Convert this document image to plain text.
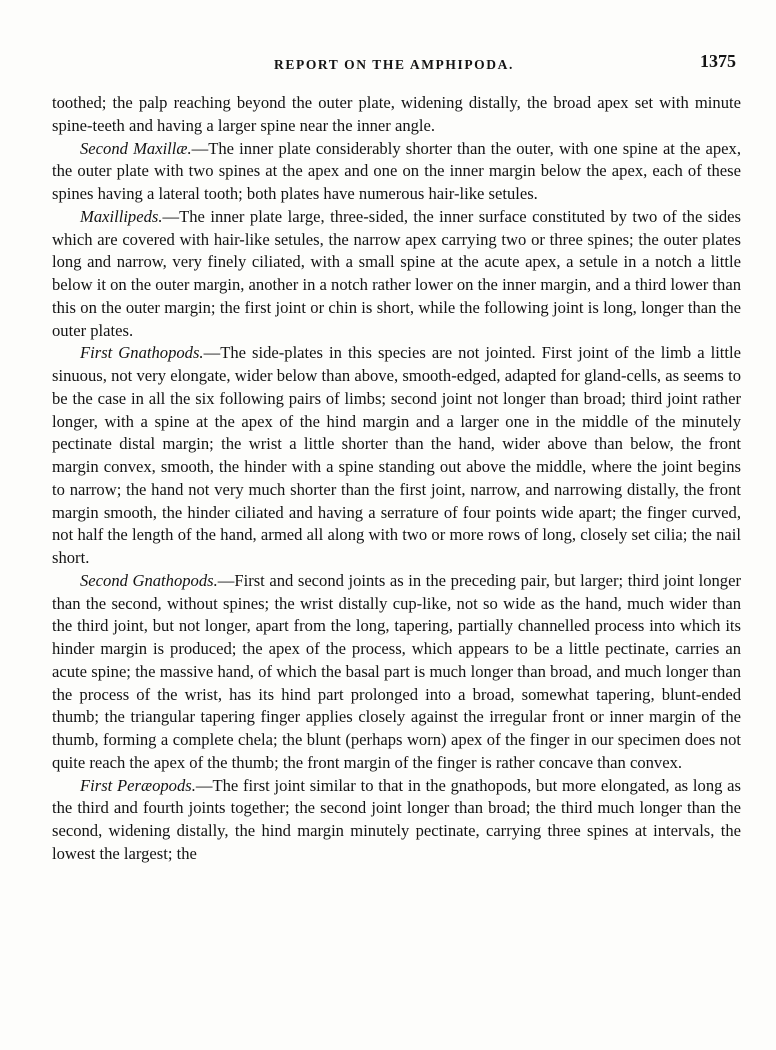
REPORT ON THE AMPHIPODA.	1375

toothed; the palp reaching beyond the outer plate, widening distally, the broad apex set with minute spine-teeth and having a larger spine near the inner angle.

Second Maxillæ.—The inner plate considerably shorter than the outer, with one spine at the apex, the outer plate with two spines at the apex and one on the inner margin below the apex, each of these spines having a lateral tooth; both plates have numerous hair-like setules.

Maxillipeds.—The inner plate large, three-sided, the inner surface constituted by two of the sides which are covered with hair-like setules, the narrow apex carrying two or three spines; the outer plates long and narrow, very finely ciliated, with a small spine at the acute apex, a setule in a notch a little below it on the outer margin, another in a notch rather lower on the inner margin, and a third lower than this on the outer margin; the first joint or chin is short, while the following joint is long, longer than the outer plates.

First Gnathopods.—The side-plates in this species are not jointed. First joint of the limb a little sinuous, not very elongate, wider below than above, smooth-edged, adapted for gland-cells, as seems to be the case in all the six following pairs of limbs; second joint not longer than broad; third joint rather longer, with a spine at the apex of the hind margin and a larger one in the middle of the minutely pectinate distal margin; the wrist a little shorter than the hand, wider above than below, the front margin convex, smooth, the hinder with a spine standing out above the middle, where the joint begins to narrow; the hand not very much shorter than the first joint, narrow, and narrowing distally, the front margin smooth, the hinder ciliated and having a serrature of four points wide apart; the finger curved, not half the length of the hand, armed all along with two or more rows of long, closely set cilia; the nail short.

Second Gnathopods.—First and second joints as in the preceding pair, but larger; third joint longer than the second, without spines; the wrist distally cup-like, not so wide as the hand, much wider than the third joint, but not longer, apart from the long, tapering, partially channelled process into which its hinder margin is produced; the apex of the process, which appears to be a little pectinate, carries an acute spine; the massive hand, of which the basal part is much longer than broad, and much longer than the process of the wrist, has its hind part prolonged into a broad, somewhat tapering, blunt-ended thumb; the triangular tapering finger applies closely against the irregular front or inner margin of the thumb, forming a complete chela; the blunt (perhaps worn) apex of the finger in our specimen does not quite reach the apex of the thumb; the front margin of the finger is rather concave than convex.

First Peræopods.—The first joint similar to that in the gnathopods, but more elongated, as long as the third and fourth joints together; the second joint longer than broad; the third much longer than the second, widening distally, the hind margin minutely pectinate, carrying three spines at intervals, the lowest the largest; the
